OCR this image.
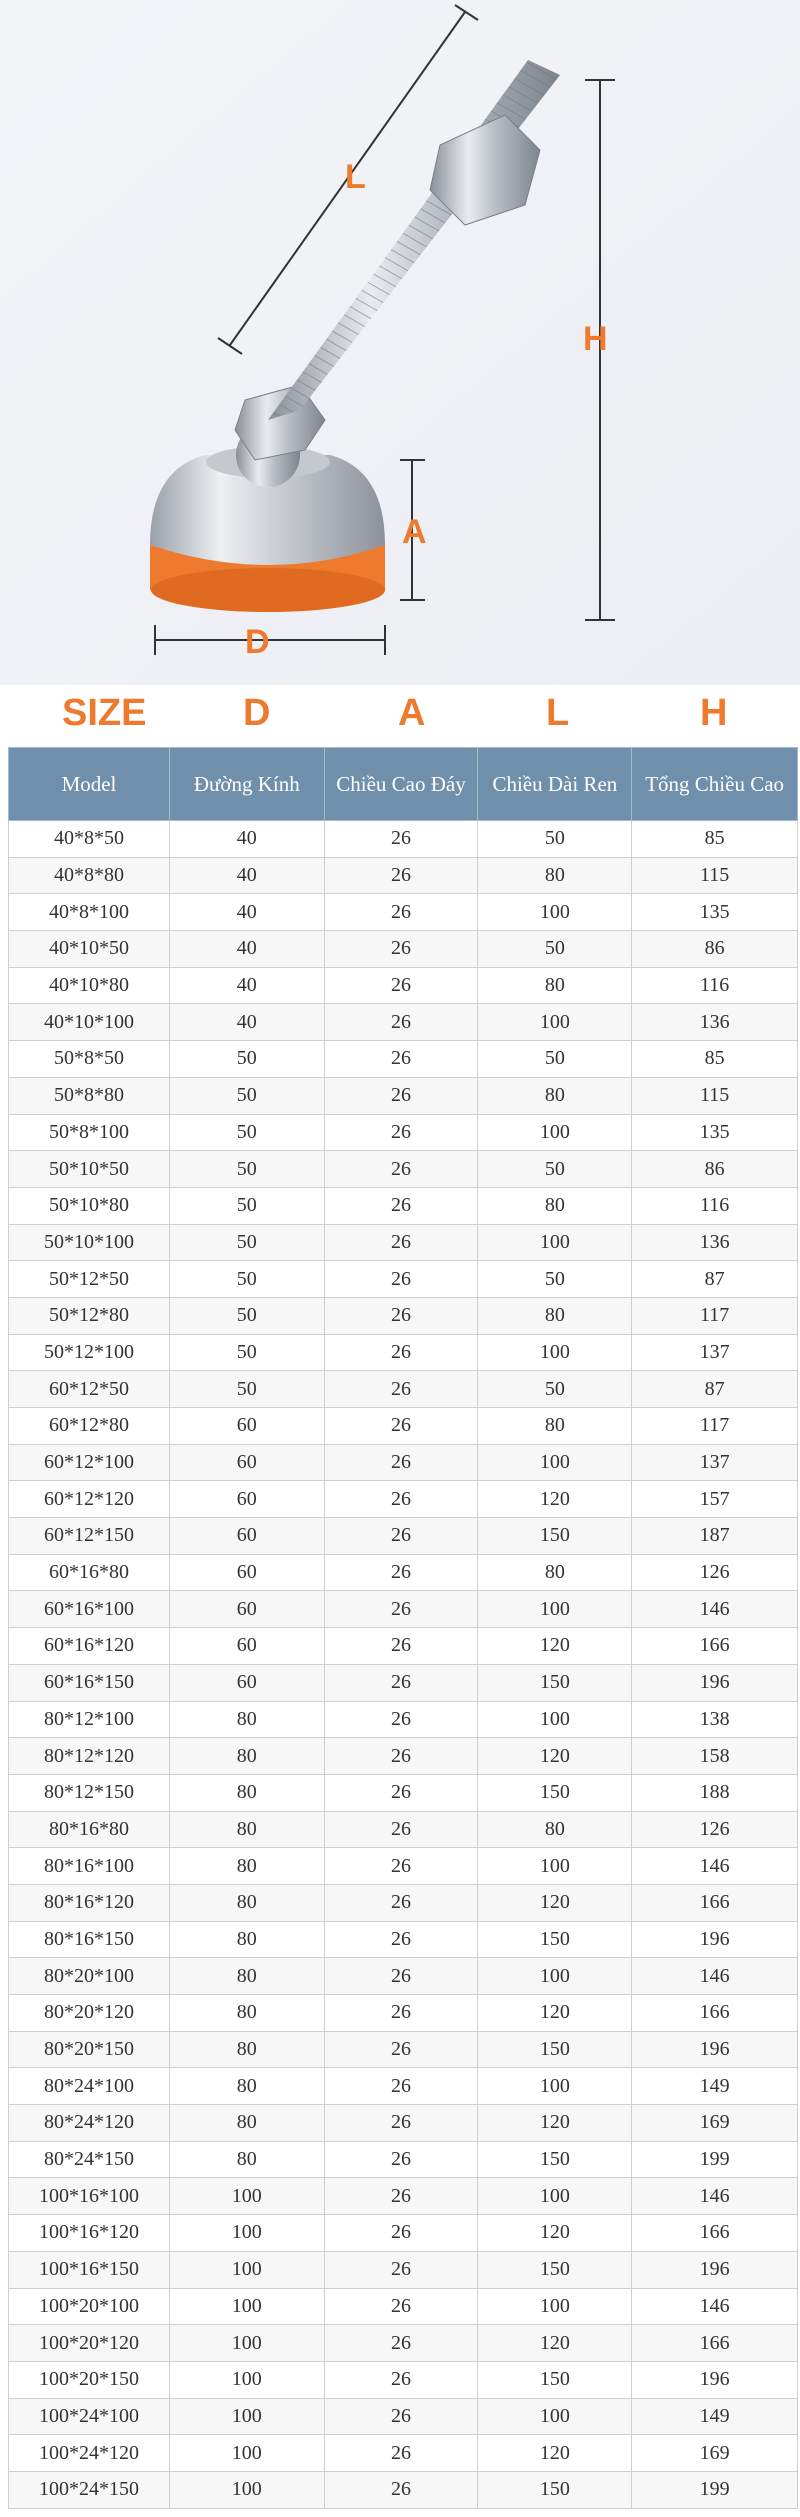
L
H
A
D
SIZE	D	A	L	H
Model	Đường Kính	Chiều Cao Đáy	Chiều Dài Ren	Tổng Chiều Cao
40*8*50	40	26	50	85
40*8*80	40	26	80	115
40*8*100	40	26	100	135
40*10*50	40	26	50	86
40*10*80	40	26	80	116
40*10*100	40	26	100	136
50*8*50	50	26	50	85
50*8*80	50	26	80	115
50*8*100	50	26	100	135
50*10*50	50	26	50	86
50*10*80	50	26	80	116
50*10*100	50	26	100	136
50*12*50	50	26	50	87
50*12*80	50	26	80	117
50*12*100	50	26	100	137
60*12*50	50	26	50	87
60*12*80	60	26	80	117
60*12*100	60	26	100	137
60*12*120	60	26	120	157
60*12*150	60	26	150	187
60*16*80	60	26	80	126
60*16*100	60	26	100	146
60*16*120	60	26	120	166
60*16*150	60	26	150	196
80*12*100	80	26	100	138
80*12*120	80	26	120	158
80*12*150	80	26	150	188
80*16*80	80	26	80	126
80*16*100	80	26	100	146
80*16*120	80	26	120	166
80*16*150	80	26	150	196
80*20*100	80	26	100	146
80*20*120	80	26	120	166
80*20*150	80	26	150	196
80*24*100	80	26	100	149
80*24*120	80	26	120	169
80*24*150	80	26	150	199
100*16*100	100	26	100	146
100*16*120	100	26	120	166
100*16*150	100	26	150	196
100*20*100	100	26	100	146
100*20*120	100	26	120	166
100*20*150	100	26	150	196
100*24*100	100	26	100	149
100*24*120	100	26	120	169
100*24*150	100	26	150	199
